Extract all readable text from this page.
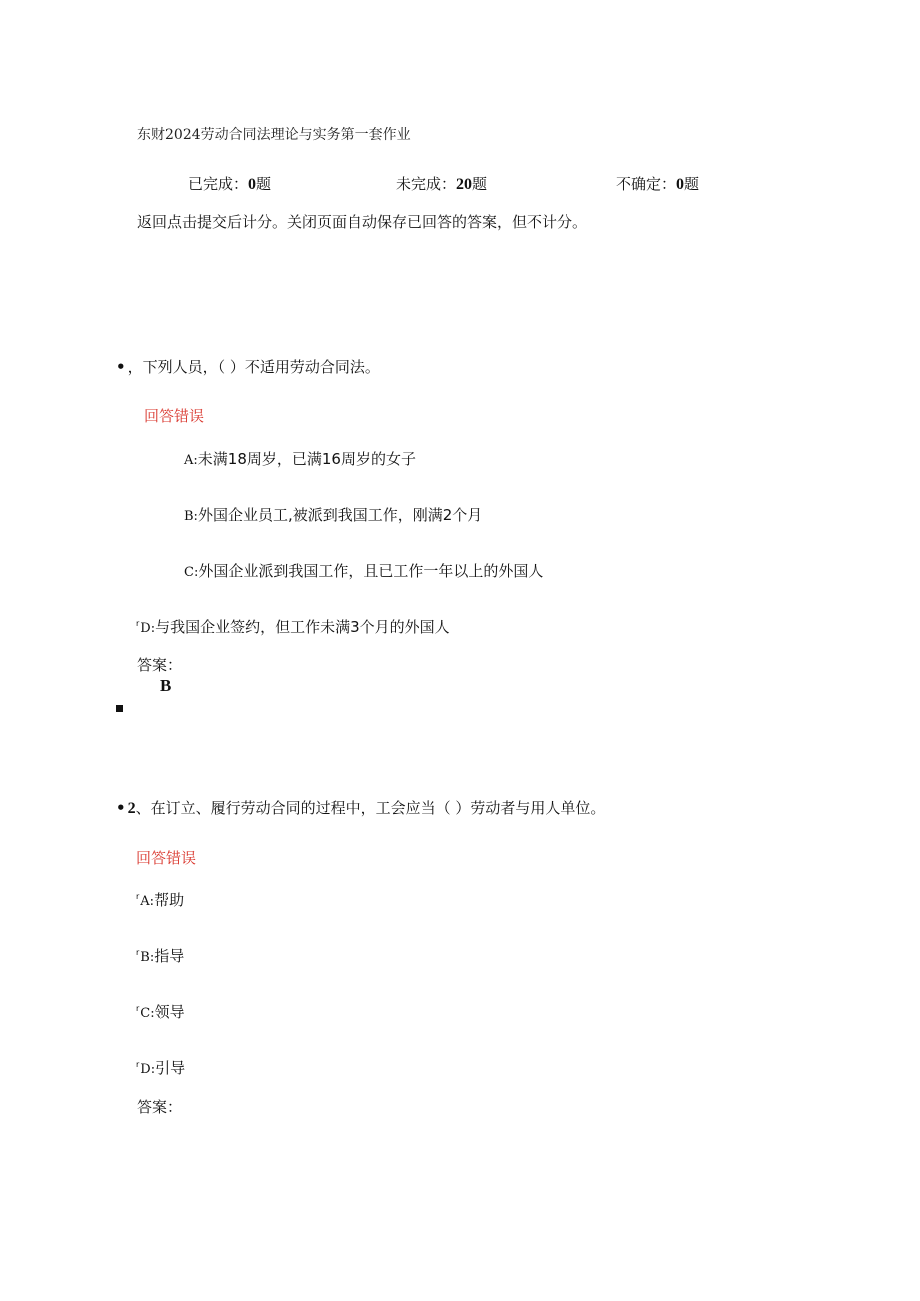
东财2024劳动合同法理论与实务第一套作业
已完成：0题	未完成：20题	不确定：0题
返回点击提交后计分。关闭页面自动保存已回答的答案，但不计分。
• ，下列人员，（ ）不适用劳动合同法。
回答错误
A:未满18周岁，已满16周岁的女子
B:外国企业员工,被派到我国工作，刚满2个月
C:外国企业派到我国工作，且已工作一年以上的外国人
$^r$D:与我国企业签约，但工作未满3个月的外国人
答案：
B
• 2、在订立、履行劳动合同的过程中，工会应当（ ）劳动者与用人单位。
回答错误
$^r$A:帮助
$^r$B:指导
$^r$C:领导
$^r$D:引导
答案：
